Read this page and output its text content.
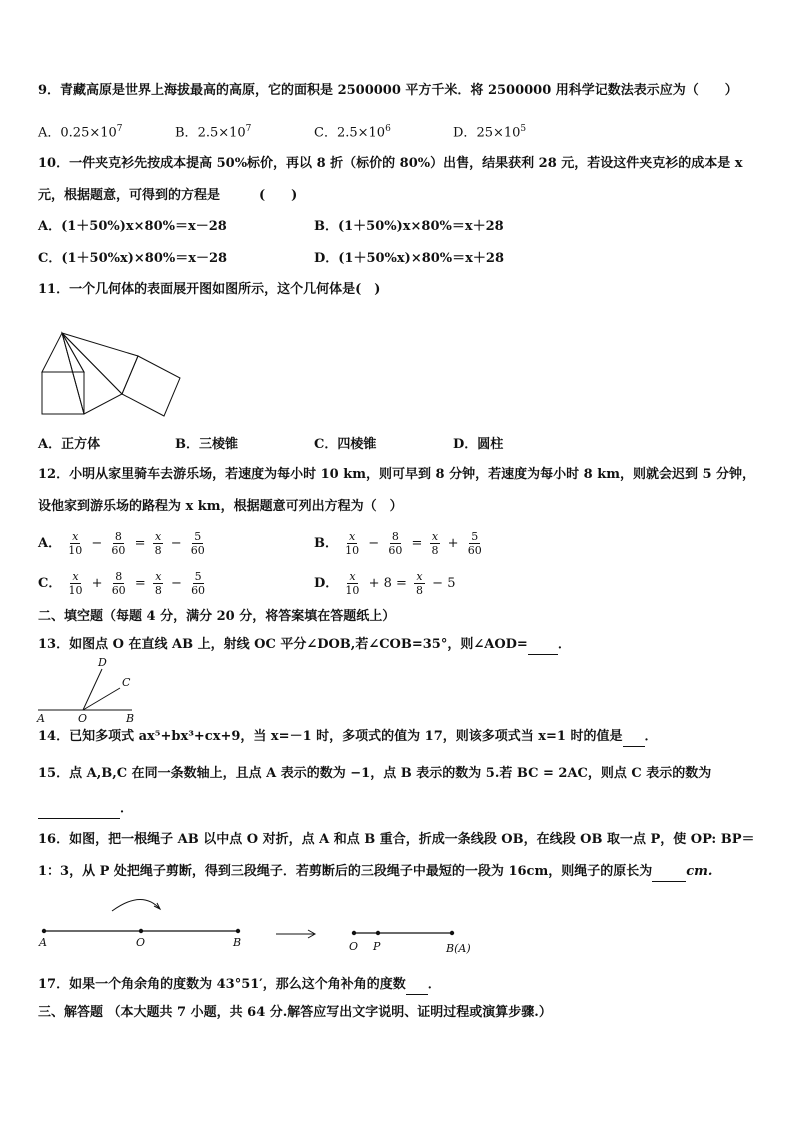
9．青藏高原是世界上海拔最高的高原，它的面积是 2500000 平方千米．将 2500000 用科学记数法表示应为（　　）
A．$0.25\times 10^7$	B．$2.5\times 10^7$	C．$2.5\times 10^6$	D．$25\times 10^5$
10．一件夹克衫先按成本提高 50%标价，再以 8 折（标价的 80%）出售，结果获利 28 元，若设这件夹克衫的成本是 x
元，根据题意，可得到的方程是　　　(　　)
A．(1＋50%)x×80%＝x－28	B．(1＋50%)x×80%＝x＋28
C．(1＋50%x)×80%＝x－28	D．(1＋50%x)×80%＝x＋28
11．一个几何体的表面展开图如图所示，这个几何体是(　)
A．正方体	B．三棱锥	C．四棱锥	D．圆柱
12．小明从家里骑车去游乐场，若速度为每小时 10 km，则可早到 8 分钟，若速度为每小时 8 km，则就会迟到 5 分钟，
设他家到游乐场的路程为 x km，根据题意可列出方程为（　）
A． $\frac{x}{10} - \frac{8}{60} = \frac{x}{8} - \frac{5}{60}$	B． $\frac{x}{10} - \frac{8}{60} = \frac{x}{8} + \frac{5}{60}$
C． $\frac{x}{10} + \frac{8}{60} = \frac{x}{8} - \frac{5}{60}$	D． $\frac{x}{10} + 8 = \frac{x}{8} - 5$
二、填空题（每题 4 分，满分 20 分，将答案填在答题纸上）
13．如图点 O 在直线 AB 上，射线 OC 平分∠DOB,若∠COB=35°，则∠AOD= ．
D
C
A	O	B
14．已知多项式 ax⁵+bx³+cx+9，当 x=－1 时，多项式的值为 17，则该多项式当 x=1 时的值是 ．
15．点 A,B,C 在同一条数轴上，且点 A 表示的数为 −1，点 B 表示的数为 5.若 BC = 2AC，则点 C 表示的数为
．
16．如图，把一根绳子 AB 以中点 O 对折，点 A 和点 B 重合，折成一条线段 OB，在线段 OB 取一点 P，使 OP: BP＝
1：3，从 P 处把绳子剪断，得到三段绳子．若剪断后的三段绳子中最短的一段为 16cm，则绳子的原长为	cm.
A	O	B	O P	B(A)
17．如果一个角余角的度数为 43°51′，那么这个角补角的度数 ．
三、解答题 （本大题共 7 小题，共 64 分.解答应写出文字说明、证明过程或演算步骤.）
